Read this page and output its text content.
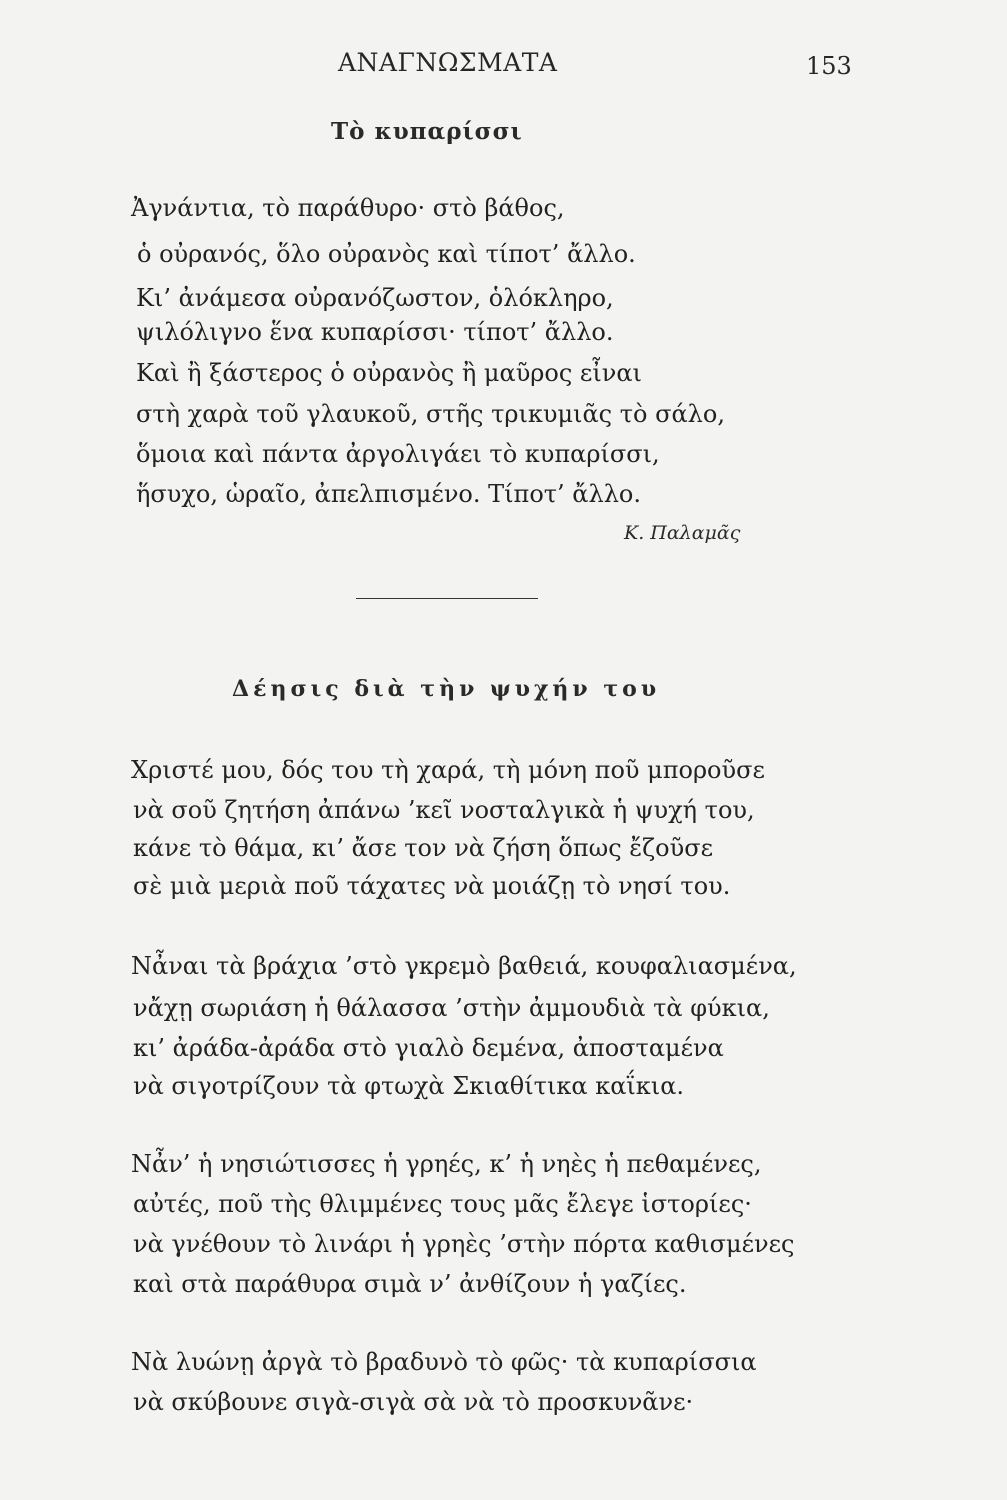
ΑΝΑΓΝΩΣΜΑΤΑ	153
Τὸ κυπαρίσσι
Ἀγνάντια, τὸ παράθυρο· στὸ βάθος,
ὁ οὐρανός, ὅλο οὐρανὸς καὶ τίποτ’ ἄλλο.
Κι’ ἀνάμεσα οὐρανόζωστον, ὁλόκληρο,
ψιλόλιγνο ἕνα κυπαρίσσι· τίποτ’ ἄλλο.
Καὶ ἢ ξάστερος ὁ οὐρανὸς ἢ μαῦρος εἶναι
στὴ χαρὰ τοῦ γλαυκοῦ, στῆς τρικυμιᾶς τὸ σάλο,
ὅμοια καὶ πάντα ἀργολιγάει τὸ κυπαρίσσι,
ἥσυχο, ὡραῖο, ἀπελπισμένο. Τίποτ’ ἄλλο.
Κ. Παλαμᾶς
Δέησις διὰ τὴν ψυχήν του
Χριστέ μου, δός του τὴ χαρά, τὴ μόνη ποῦ μποροῦσε
νὰ σοῦ ζητήση ἀπάνω ’κεῖ νοσταλγικὰ ἡ ψυχή του,
κάνε τὸ θάμα, κι’ ἄσε τον νὰ ζήση ὅπως ἔζοῦσε
σὲ μιὰ μεριὰ ποῦ τάχατες νὰ μοιάζῃ τὸ νησί του.
Νἆναι τὰ βράχια ’στὸ γκρεμὸ βαθειά, κουφαλιασμένα,
νἄχῃ σωριάση ἡ θάλασσα ’στὴν ἀμμουδιὰ τὰ φύκια,
κι’ ἀράδα-ἀράδα στὸ γιαλὸ δεμένα, ἀποσταμένα
νὰ σιγοτρίζουν τὰ φτωχὰ Σκιαθίτικα καΐκια.
Νἆν’ ἡ νησιώτισσες ἡ γρηές, κ’ ἡ νηὲς ἡ πεθαμένες,
αὐτές, ποῦ τὴς θλιμμένες τους μᾶς ἔλεγε ἱστορίες·
νὰ γνέθουν τὸ λινάρι ἡ γρηὲς ’στὴν πόρτα καθισμένες
καὶ στὰ παράθυρα σιμὰ ν’ ἀνθίζουν ἡ γαζίες.
Νὰ λυώνῃ ἀργὰ τὸ βραδυνὸ τὸ φῶς· τὰ κυπαρίσσια
νὰ σκύβουνε σιγὰ-σιγὰ σὰ νὰ τὸ προσκυνᾶνε·
